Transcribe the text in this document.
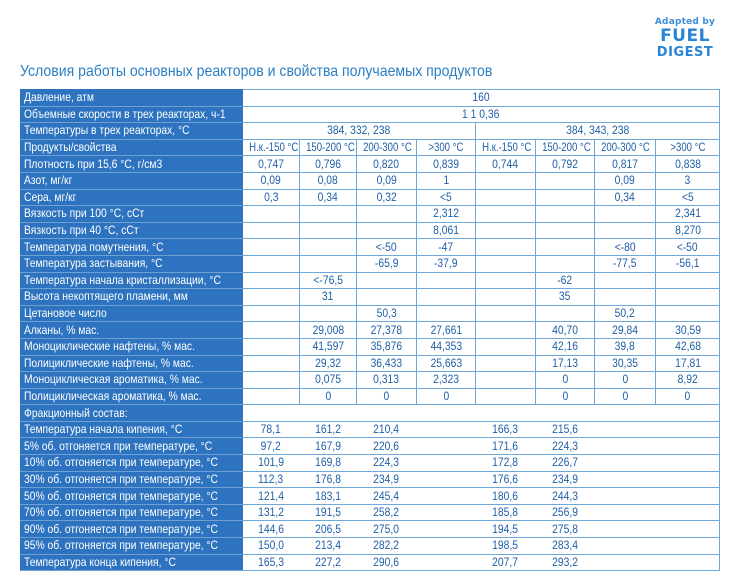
Adapted by
FUEL
DIGEST
Условия работы основных реакторов и свойства получаемых продуктов
Давление, атм	160							
Объемные скорости в трех реакторах, ч-1	1 1 0,36							
Температуры в трех реакторах, °C	384, 332, 238				384, 343, 238			
Продукты/свойства	Н.к.-150 °C	150-200 °C	200-300 °C	>300 °C	Н.к.-150 °C	150-200 °C	200-300 °C	>300 °C
Плотность при 15,6 °C, г/см3	0,747	0,796	0,820	0,839	0,744	0,792	0,817	0,838
Азот, мг/кг	0,09	0,08	0,09	1			0,09	3
Сера, мг/кг	0,3	0,34	0,32	<5			0,34	<5
Вязкость при 100 °C, сСт				2,312				2,341
Вязкость при 40 °C, сСт				8,061				8,270
Температура помутнения, °C			<-50	-47			<-80	<-50
Температура застывания, °C			-65,9	-37,9			-77,5	-56,1
Температура начала кристаллизации, °C		<-76,5				-62		
Высота некоптящего пламени, мм		31				35		
Цетановое число			50,3				50,2	
Алканы, % мас.		29,008	27,378	27,661		40,70	29,84	30,59
Моноциклические нафтены, % мас.		41,597	35,876	44,353		42,16	39,8	42,68
Полициклические нафтены, % мас.		29,32	36,433	25,663		17,13	30,35	17,81
Моноциклическая ароматика, % мас.		0,075	0,313	2,323		0	0	8,92
Полициклическая ароматика, % мас.		0	0	0		0	0	0
Фракционный состав:								
Температура начала кипения, °C	78,1	161,2	210,4		166,3	215,6		
5% об. отгоняется при температуре, °C	97,2	167,9	220,6		171,6	224,3		
10% об. отгоняется при температуре, °C	101,9	169,8	224,3		172,8	226,7		
30% об. отгоняется при температуре, °C	112,3	176,8	234,9		176,6	234,9		
50% об. отгоняется при температуре, °C	121,4	183,1	245,4		180,6	244,3		
70% об. отгоняется при температуре, °C	131,2	191,5	258,2		185,8	256,9		
90% об. отгоняется при температуре, °C	144,6	206,5	275,0		194,5	275,8		
95% об. отгоняется при температуре, °C	150,0	213,4	282,2		198,5	283,4		
Температура конца кипения, °C	165,3	227,2	290,6		207,7	293,2		
